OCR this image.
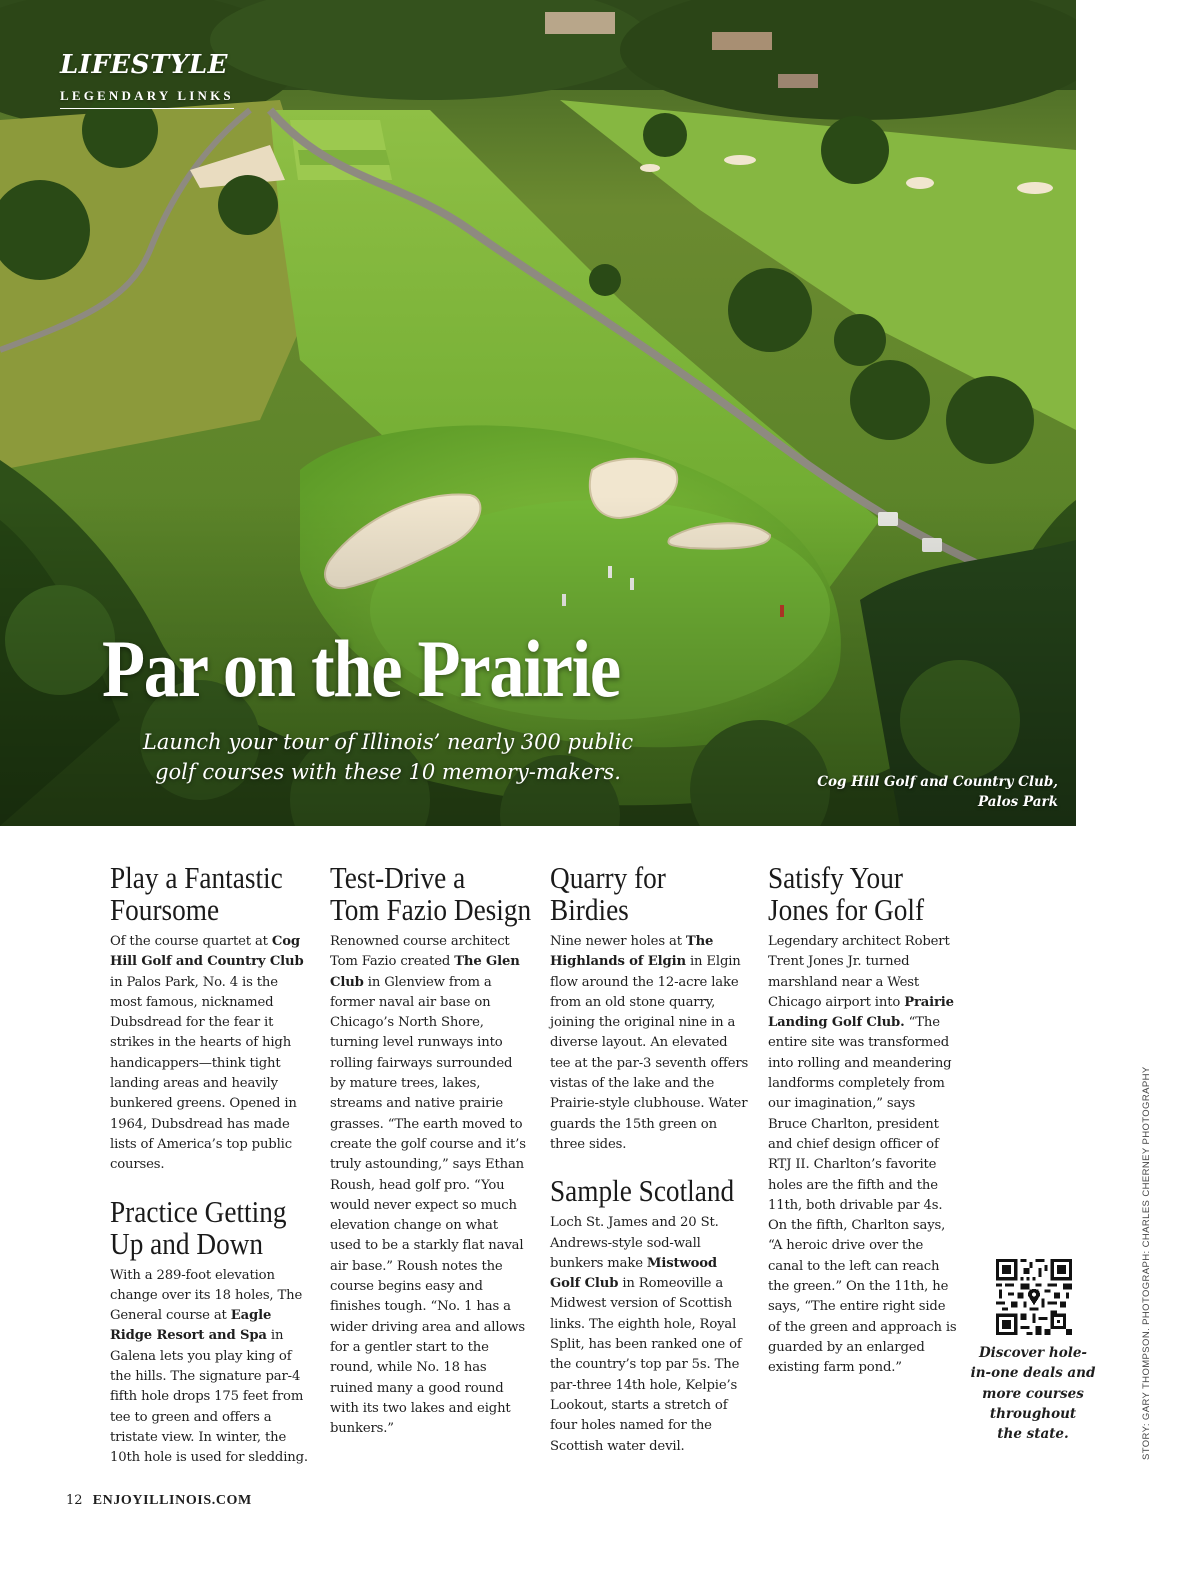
LIFESTYLE
LEGENDARY LINKS
Par on the Prairie
Launch your tour of Illinois’ nearly 300 public
golf courses with these 10 memory-makers.	Cog Hill Golf and Country Club,
Palos Park
Play a Fantastic
Foursome

Of the course quartet at Cog Hill Golf and Country Club in Palos Park, No. 4 is the most famous, nicknamed Dubsdread for the fear it strikes in the hearts of high handicappers—think tight landing areas and heavily bunkered greens. Opened in 1964, Dubsdread has made lists of America’s top public courses.

Practice Getting
Up and Down

With a 289-foot elevation change over its 18 holes, The General course at Eagle Ridge Resort and Spa in Galena lets you play king of the hills. The signature par-4 fifth hole drops 175 feet from tee to green and offers a tristate view. In winter, the 10th hole is used for sledding.

Test-Drive a
Tom Fazio Design

Renowned course architect Tom Fazio created The Glen Club in Glenview from a former naval air base on Chicago’s North Shore, turning level runways into rolling fairways surrounded by mature trees, lakes, streams and native prairie grasses. “The earth moved to create the golf course and it’s truly astounding,” says Ethan Roush, head golf pro. “You would never expect so much elevation change on what used to be a starkly flat naval air base.” Roush notes the course begins easy and finishes tough. “No. 1 has a wider driving area and allows for a gentler start to the round, while No. 18 has ruined many a good round with its two lakes and eight bunkers.”

Quarry for
Birdies

Nine newer holes at The Highlands of Elgin in Elgin flow around the 12-acre lake from an old stone quarry, joining the original nine in a diverse layout. An elevated tee at the par-3 seventh offers vistas of the lake and the Prairie-style clubhouse. Water guards the 15th green on three sides.

Sample Scotland

Loch St. James and 20 St. Andrews-style sod-wall bunkers make Mistwood Golf Club in Romeoville a Midwest version of Scottish links. The eighth hole, Royal Split, has been ranked one of the country’s top par 5s. The par-three 14th hole, Kelpie’s Lookout, starts a stretch of four holes named for the Scottish water devil.

Satisfy Your
Jones for Golf

Legendary architect Robert Trent Jones Jr. turned marshland near a West Chicago airport into Prairie Landing Golf Club. “The entire site was transformed into rolling and meandering landforms completely from our imagination,” says Bruce Charlton, president and chief design officer of RTJ II. Charlton’s favorite holes are the fifth and the 11th, both drivable par 4s. On the fifth, Charlton says, “A heroic drive over the canal to the left can reach the green.” On the 11th, he says, “The entire right side of the green and approach is guarded by an enlarged existing farm pond.”

Discover hole-
in-one deals and
more courses
throughout
the state.	STORY: GARY THOMPSON. PHOTOGRAPH: CHARLES CHERNEY PHOTOGRAPHY
12 ENJOYILLINOIS.COM
